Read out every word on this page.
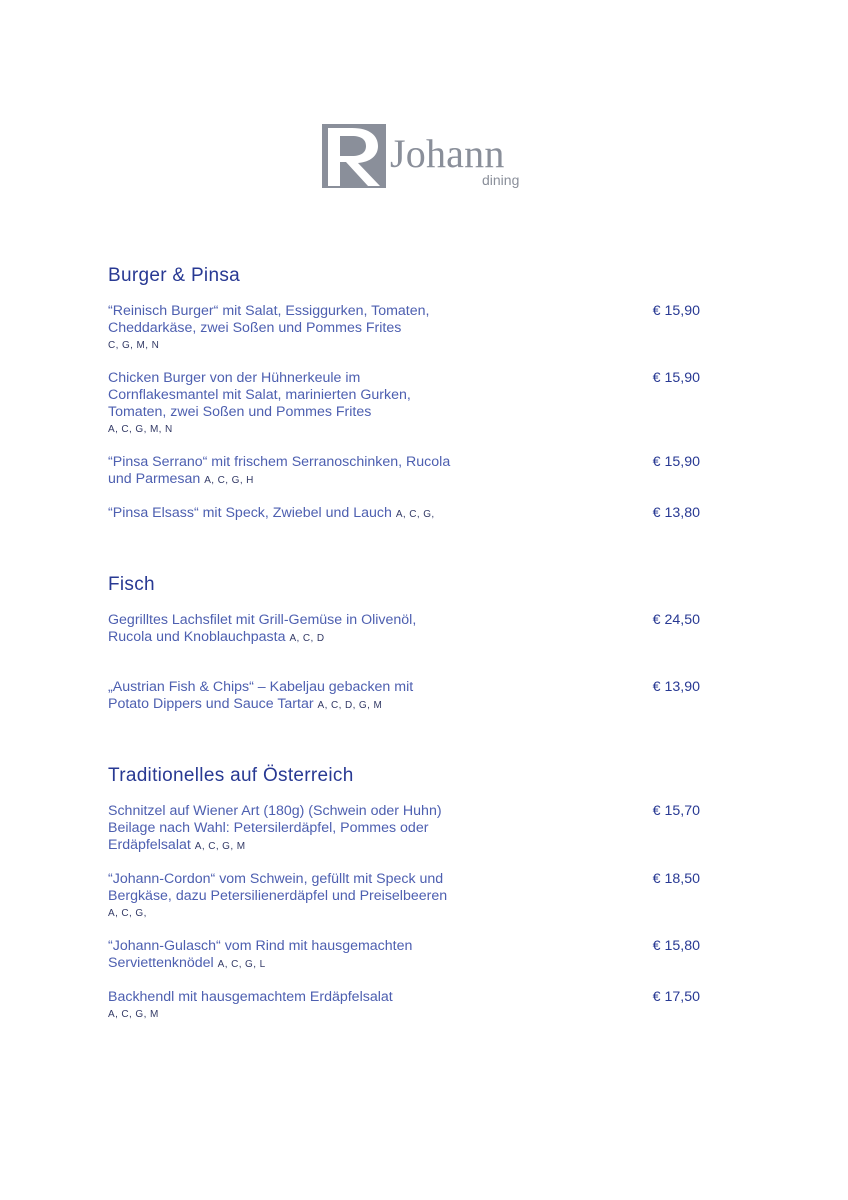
Johann
dining
Burger & Pinsa
“Reinisch Burger“ mit Salat, Essiggurken, Tomaten,
Cheddarkäse, zwei Soßen und Pommes Frites
C, G, M, N
€ 15,90
Chicken Burger von der Hühnerkeule im
Cornflakesmantel mit Salat, marinierten Gurken,
Tomaten, zwei Soßen und Pommes Frites
A, C, G, M, N
€ 15,90
“Pinsa Serrano“ mit frischem Serranoschinken, Rucola
und Parmesan A, C, G, H
€ 15,90
“Pinsa Elsass“ mit Speck, Zwiebel und Lauch A, C, G,	€ 13,80
Fisch
Gegrilltes Lachsfilet mit Grill-Gemüse in Olivenöl,
Rucola und Knoblauchpasta A, C, D
€ 24,50
„Austrian Fish & Chips“ – Kabeljau gebacken mit
Potato Dippers und Sauce Tartar A, C, D, G, M
€ 13,90
Traditionelles auf Österreich
Schnitzel auf Wiener Art (180g) (Schwein oder Huhn)
Beilage nach Wahl: Petersilerdäpfel, Pommes oder
Erdäpfelsalat A, C, G, M
€ 15,70
“Johann-Cordon“ vom Schwein, gefüllt mit Speck und
Bergkäse, dazu Petersilienerdäpfel und Preiselbeeren
A, C, G,
€ 18,50
“Johann-Gulasch“ vom Rind mit hausgemachten
Serviettenknödel A, C, G, L
€ 15,80
Backhendl mit hausgemachtem Erdäpfelsalat
A, C, G, M
€ 17,50
